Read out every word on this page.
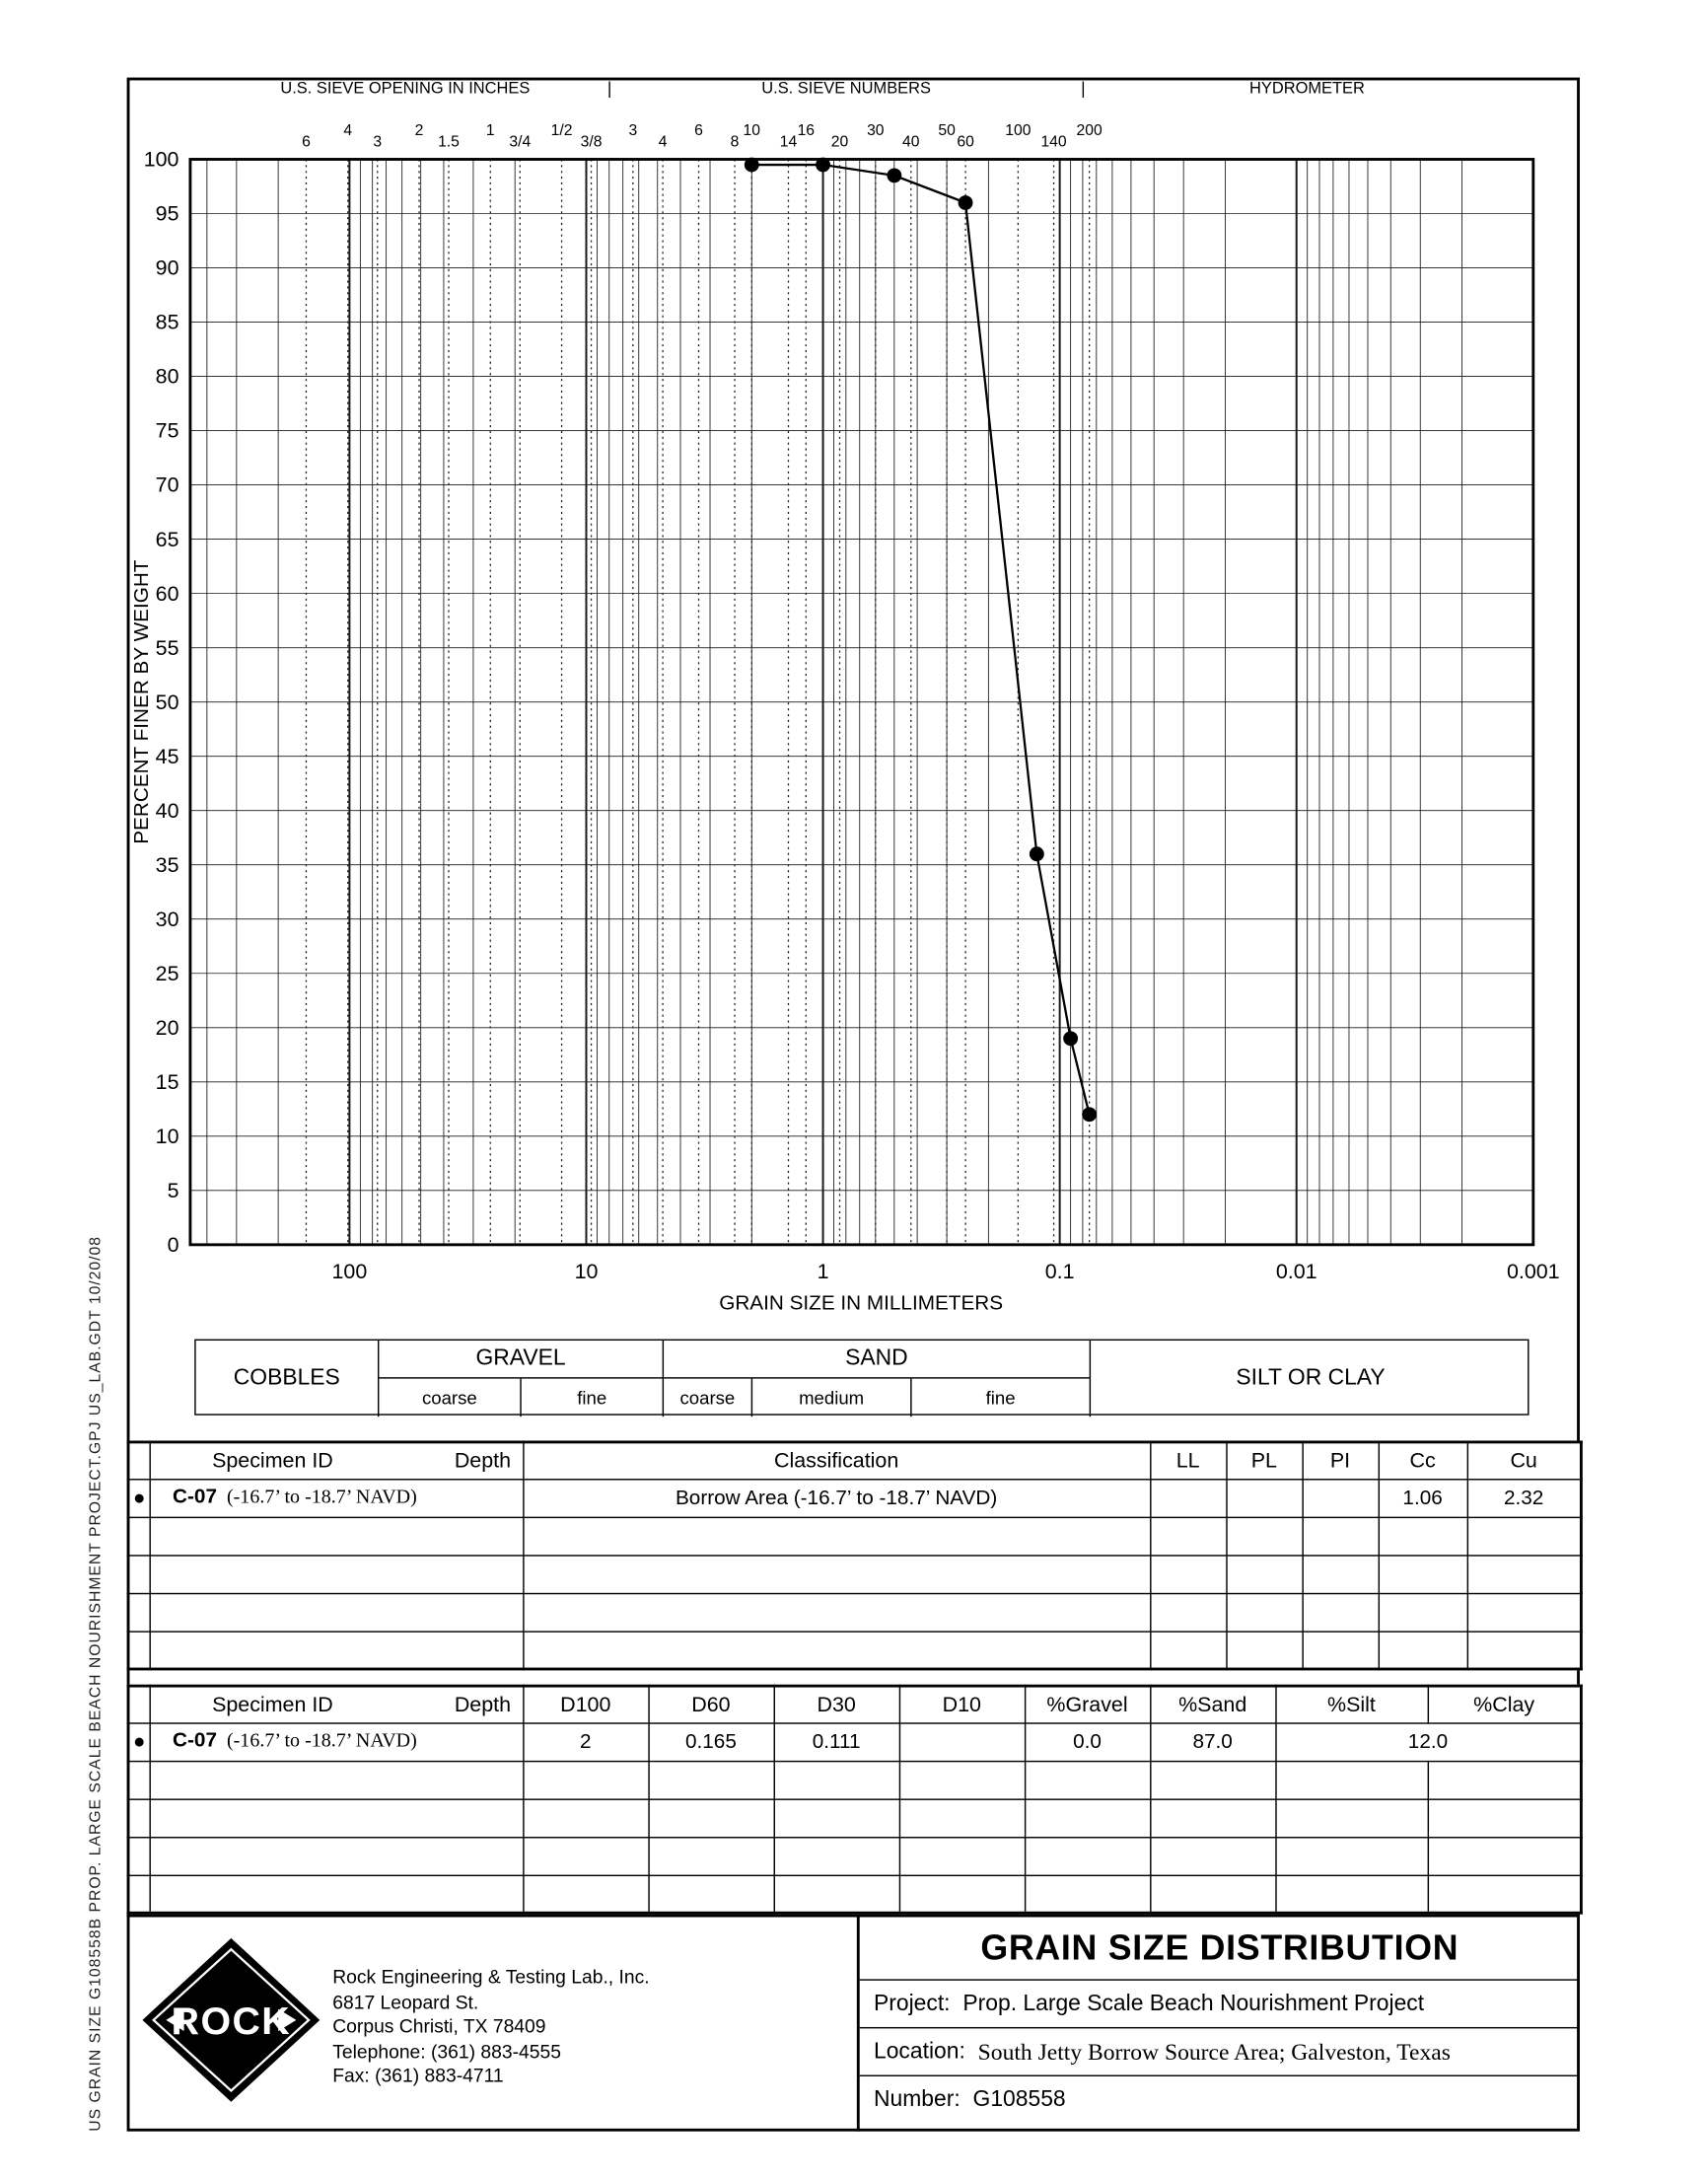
US GRAIN SIZE G108558B PROP. LARGE SCALE BEACH NOURISHMENT PROJECT.GPJ US_LAB.GDT 10/20/08
U.S. SIEVE OPENING IN INCHES	|	U.S. SIEVE NUMBERS	|	HYDROMETER
100
95
90
85
80
75
70
65
60
55
50
45
40
35
30
25
20
15
10
5
0
100	10	1	0.1	0.01	0.001
6
4
3
2
1.5
1
3/4
1/2
3/8
3
4
6
8
10
14
16
20
30
40
50
60
100
140
200
PERCENT FINER BY WEIGHT
GRAIN SIZE IN MILLIMETERS
COBBLES
GRAVEL
coarse	fine
SAND
coarse	medium	fine
SILT OR CLAY

	Specimen ID Depth	Classification	LL	PL	PI	Cc	Cu
●	C-07 (-16.7’ to -18.7’ NAVD)	Borrow Area (-16.7’ to -18.7’ NAVD)				1.06	2.32

	Specimen ID Depth	D100	D60	D30	D10	%Gravel	%Sand	%Silt	%Clay
●	C-07 (-16.7’ to -18.7’ NAVD)	2	0.165	0.111		0.0	87.0	12.0	

ROCK
Rock Engineering & Testing Lab., Inc.
6817 Leopard St.
Corpus Christi, TX 78409
Telephone: (361) 883-4555
Fax: (361) 883-4711
GRAIN SIZE DISTRIBUTION
Project: Prop. Large Scale Beach Nourishment Project
Location: South Jetty Borrow Source Area; Galveston, Texas
Number: G108558
